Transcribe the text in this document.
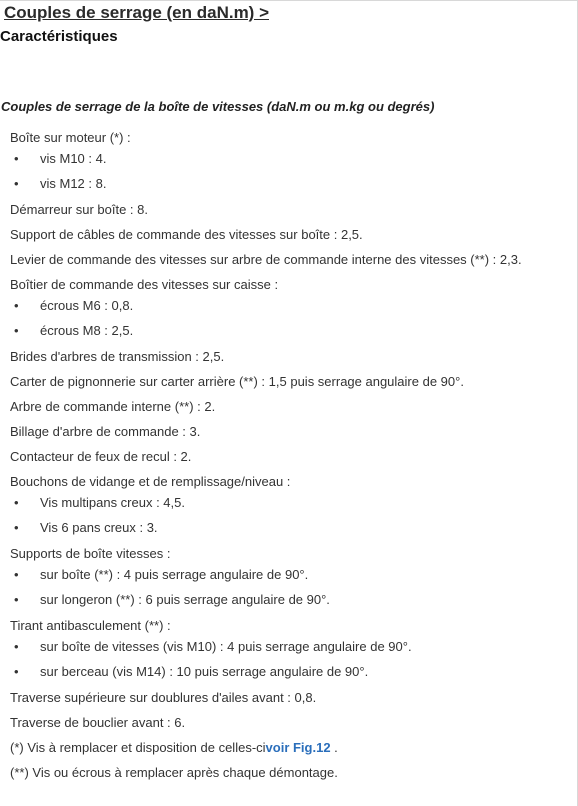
Couples de serrage (en daN.m) >
Caractéristiques
Couples de serrage de la boîte de vitesses (daN.m ou m.kg ou degrés)
Boîte sur moteur (*) :
• vis M10 : 4.
• vis M12 : 8.
Démarreur sur boîte : 8.
Support de câbles de commande des vitesses sur boîte : 2,5.
Levier de commande des vitesses sur arbre de commande interne des vitesses (**) : 2,3.
Boîtier de commande des vitesses sur caisse :
• écrous M6 : 0,8.
• écrous M8 : 2,5.
Brides d'arbres de transmission : 2,5.
Carter de pignonnerie sur carter arrière (**) : 1,5 puis serrage angulaire de 90°.
Arbre de commande interne (**) : 2.
Billage d'arbre de commande : 3.
Contacteur de feux de recul : 2.
Bouchons de vidange et de remplissage/niveau :
• Vis multipans creux : 4,5.
• Vis 6 pans creux : 3.
Supports de boîte vitesses :
• sur boîte (**) : 4 puis serrage angulaire de 90°.
• sur longeron (**) : 6 puis serrage angulaire de 90°.
Tirant antibasculement (**) :
• sur boîte de vitesses (vis M10) : 4 puis serrage angulaire de 90°.
• sur berceau (vis M14) : 10 puis serrage angulaire de 90°.
Traverse supérieure sur doublures d'ailes avant : 0,8.
Traverse de bouclier avant : 6.
(*) Vis à remplacer et disposition de celles-civoir Fig.12 .
(**) Vis ou écrous à remplacer après chaque démontage.
